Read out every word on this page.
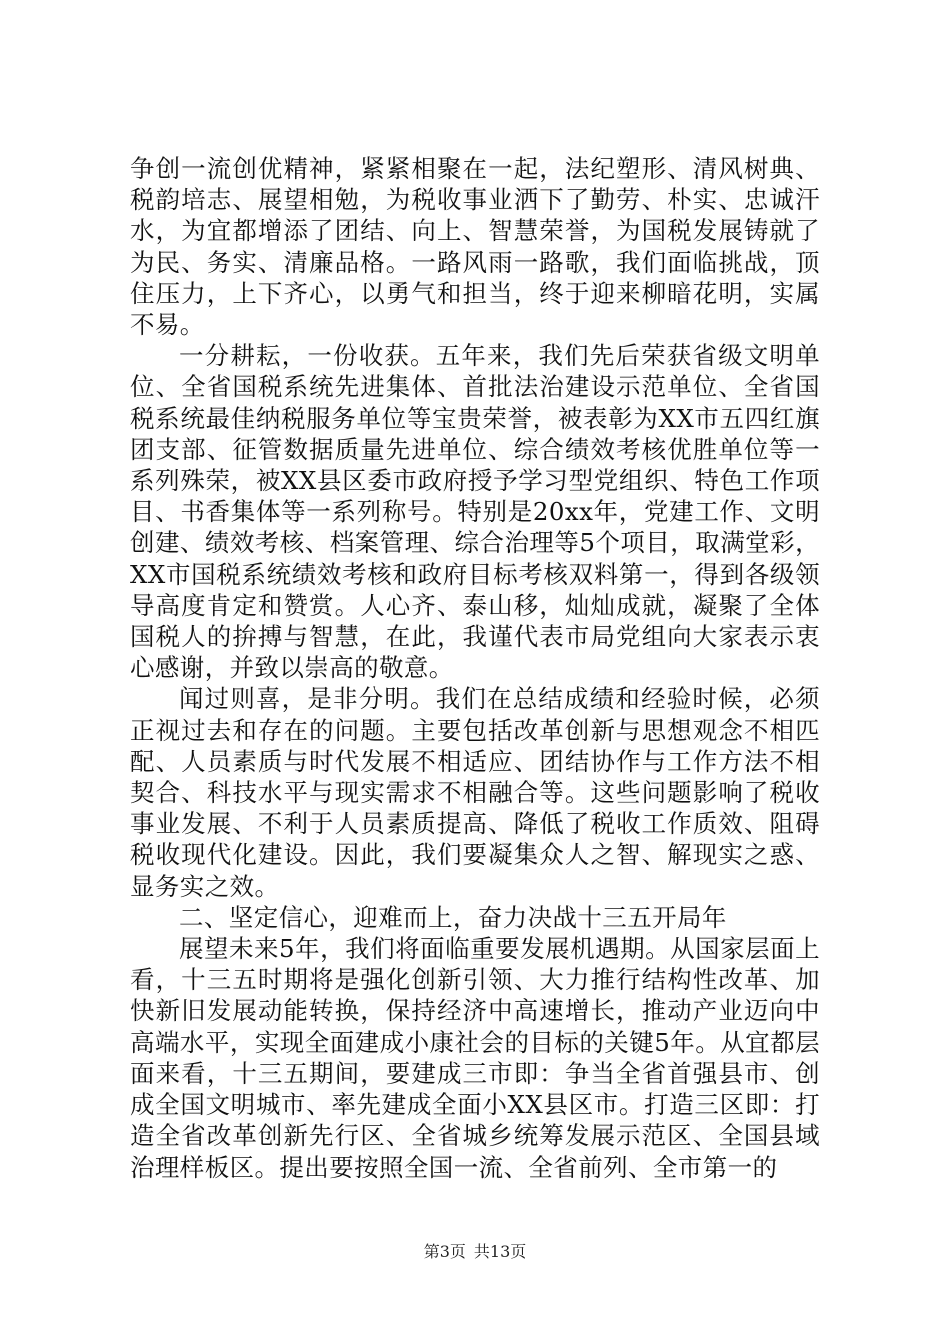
争创一流创优精神，紧紧相聚在一起，法纪塑形、清风树典、税韵培志、展望相勉，为税收事业洒下了勤劳、朴实、忠诚汗水，为宜都增添了团结、向上、智慧荣誉，为国税发展铸就了为民、务实、清廉品格。一路风雨一路歌，我们面临挑战，顶住压力，上下齐心，以勇气和担当，终于迎来柳暗花明，实属不易。

一分耕耘，一份收获。五年来，我们先后荣获省级文明单位、全省国税系统先进集体、首批法治建设示范单位、全省国税系统最佳纳税服务单位等宝贵荣誉，被表彰为XX市五四红旗团支部、征管数据质量先进单位、综合绩效考核优胜单位等一系列殊荣，被XX县区委市政府授予学习型党组织、特色工作项目、书香集体等一系列称号。特别是20xx年，党建工作、文明创建、绩效考核、档案管理、综合治理等5个项目，取满堂彩，XX市国税系统绩效考核和政府目标考核双料第一，得到各级领导高度肯定和赞赏。人心齐、泰山移，灿灿成就，凝聚了全体国税人的拚搏与智慧，在此，我谨代表市局党组向大家表示衷心感谢，并致以崇高的敬意。

闻过则喜，是非分明。我们在总结成绩和经验时候，必须正视过去和存在的问题。主要包括改革创新与思想观念不相匹配、人员素质与时代发展不相适应、团结协作与工作方法不相契合、科技水平与现实需求不相融合等。这些问题影响了税收事业发展、不利于人员素质提高、降低了税收工作质效、阻碍税收现代化建设。因此，我们要凝集众人之智、解现实之惑、显务实之效。

二、坚定信心，迎难而上，奋力决战十三五开局年

展望未来5年，我们将面临重要发展机遇期。从国家层面上看，十三五时期将是强化创新引领、大力推行结构性改革、加快新旧发展动能转换，保持经济中高速增长，推动产业迈向中高端水平，实现全面建成小康社会的目标的关键5年。从宜都层面来看，十三五期间，要建成三市即：争当全省首强县市、创成全国文明城市、率先建成全面小XX县区市。打造三区即：打造全省改革创新先行区、全省城乡统筹发展示范区、全国县域治理样板区。提出要按照全国一流、全省前列、全市第一的

第3页 共13页
